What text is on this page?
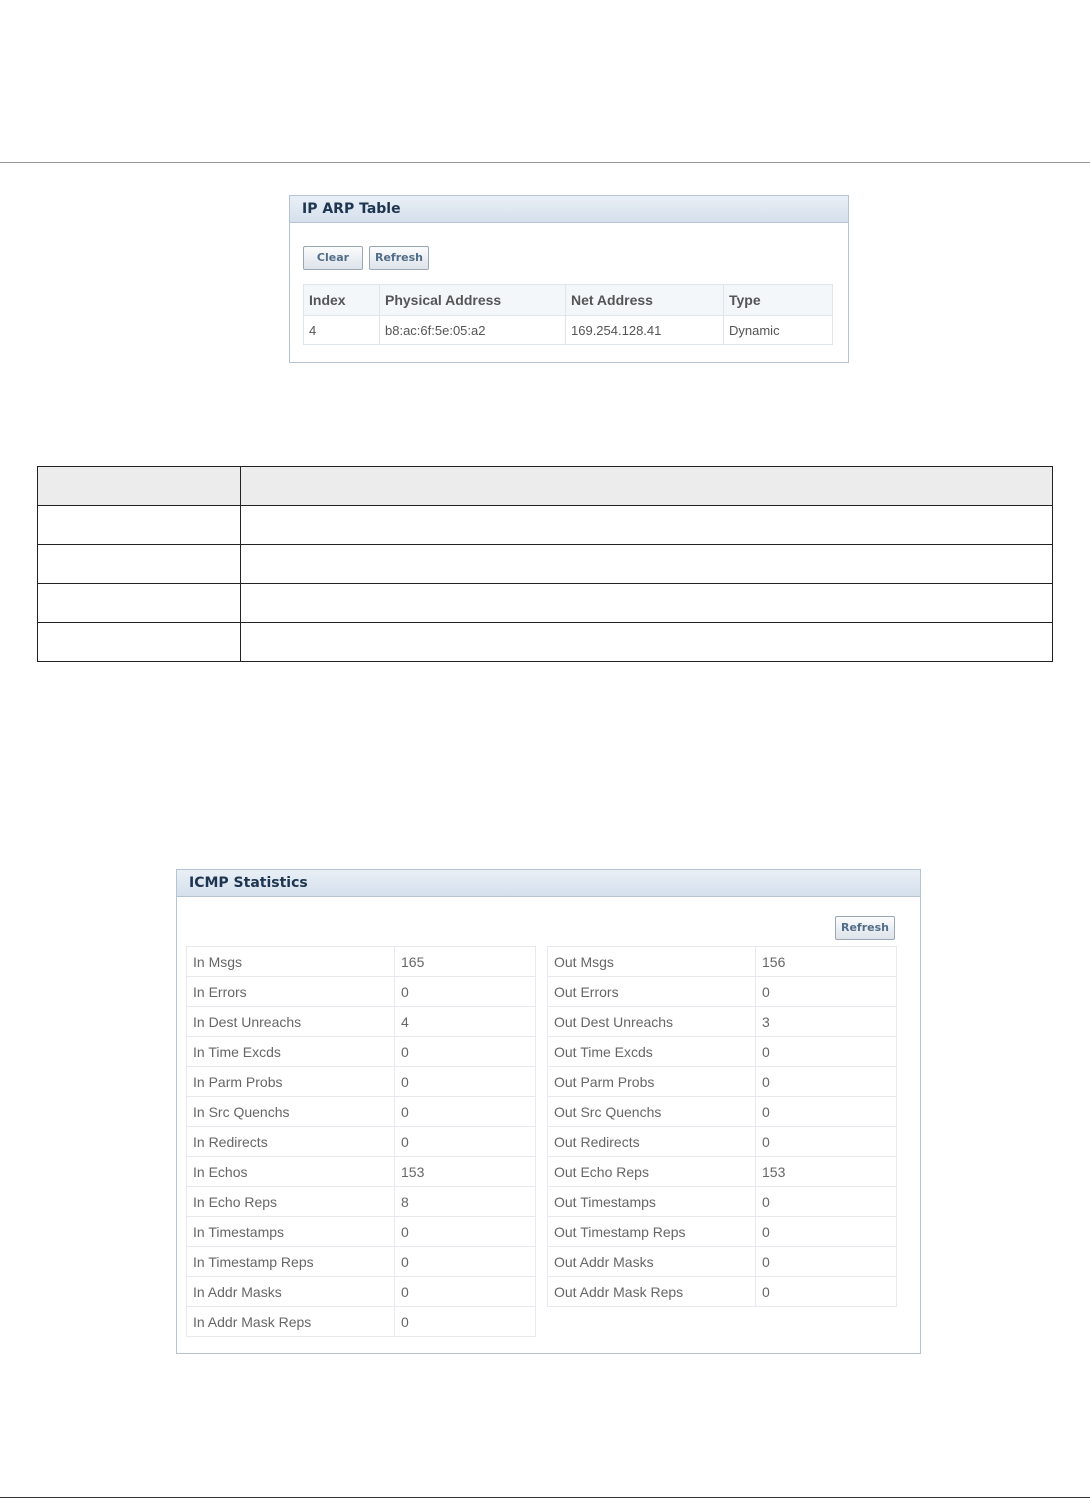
IP ARP Table
Clear	Refresh
Index	Physical Address	Net Address	Type
4	b8:ac:6f:5e:05:a2	169.254.128.41	Dynamic

ICMP Statistics
Refresh
In Msgs	165
In Errors	0
In Dest Unreachs	4
In Time Excds	0
In Parm Probs	0
In Src Quenchs	0
In Redirects	0
In Echos	153
In Echo Reps	8
In Timestamps	0
In Timestamp Reps	0
In Addr Masks	0
In Addr Mask Reps	0
Out Msgs	156
Out Errors	0
Out Dest Unreachs	3
Out Time Excds	0
Out Parm Probs	0
Out Src Quenchs	0
Out Redirects	0
Out Echo Reps	153
Out Timestamps	0
Out Timestamp Reps	0
Out Addr Masks	0
Out Addr Mask Reps	0
